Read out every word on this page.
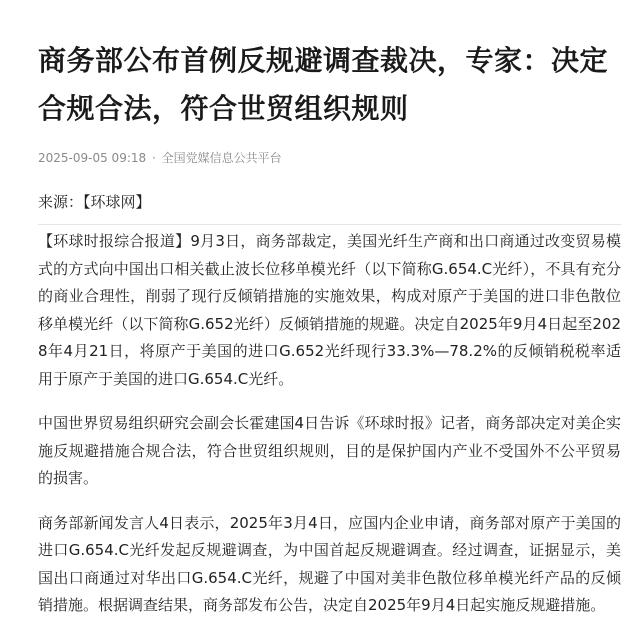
商务部公布首例反规避调查裁决，专家：决定合规合法，符合世贸组织规则
2025-09-05 09:18 · 全国党媒信息公共平台
来源：【环球网】

【环球时报综合报道】9月3日，商务部裁定，美国光纤生产商和出口商通过改变贸易模式的方式向中国出口相关截止波长位移单模光纤（以下简称G.654.C光纤），不具有充分的商业合理性，削弱了现行反倾销措施的实施效果，构成对原产于美国的进口非色散位移单模光纤（以下简称G.652光纤）反倾销措施的规避。决定自2025年9月4日起至2028年4月21日，将原产于美国的进口G.652光纤现行33.3%—78.2%的反倾销税税率适用于原产于美国的进口G.654.C光纤。

中国世界贸易组织研究会副会长霍建国4日告诉《环球时报》记者，商务部决定对美企实施反规避措施合规合法，符合世贸组织规则，目的是保护国内产业不受国外不公平贸易的损害。

商务部新闻发言人4日表示，2025年3月4日，应国内企业申请，商务部对原产于美国的进口G.654.C光纤发起反规避调查，为中国首起反规避调查。经过调查，证据显示，美国出口商通过对华出口G.654.C光纤，规避了中国对美非色散位移单模光纤产品的反倾销措施。根据调查结果，商务部发布公告，决定自2025年9月4日起实施反规避措施。
